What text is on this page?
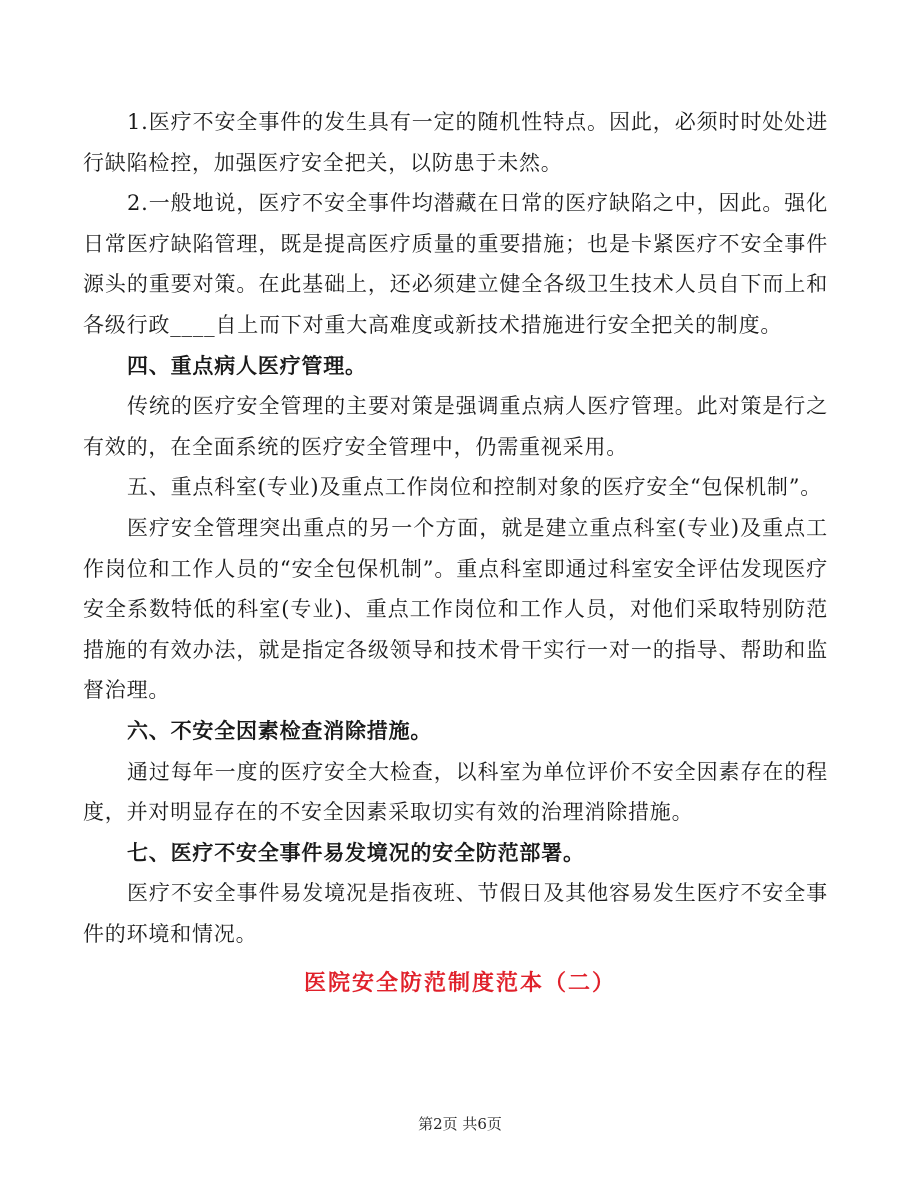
1.医疗不安全事件的发生具有一定的随机性特点。因此，必须时时处处进行缺陷检控，加强医疗安全把关，以防患于未然。

2.一般地说，医疗不安全事件均潜藏在日常的医疗缺陷之中，因此。强化日常医疗缺陷管理，既是提高医疗质量的重要措施；也是卡紧医疗不安全事件源头的重要对策。在此基础上，还必须建立健全各级卫生技术人员自下而上和各级行政____自上而下对重大高难度或新技术措施进行安全把关的制度。

四、重点病人医疗管理。

传统的医疗安全管理的主要对策是强调重点病人医疗管理。此对策是行之有效的，在全面系统的医疗安全管理中，仍需重视采用。

五、重点科室(专业)及重点工作岗位和控制对象的医疗安全“包保机制”。

医疗安全管理突出重点的另一个方面，就是建立重点科室(专业)及重点工作岗位和工作人员的“安全包保机制”。重点科室即通过科室安全评估发现医疗安全系数特低的科室(专业)、重点工作岗位和工作人员，对他们采取特别防范措施的有效办法，就是指定各级领导和技术骨干实行一对一的指导、帮助和监督治理。

六、不安全因素检查消除措施。

通过每年一度的医疗安全大检查，以科室为单位评价不安全因素存在的程度，并对明显存在的不安全因素采取切实有效的治理消除措施。

七、医疗不安全事件易发境况的安全防范部署。

医疗不安全事件易发境况是指夜班、节假日及其他容易发生医疗不安全事件的环境和情况。

医院安全防范制度范本（二）
第2页 共6页
